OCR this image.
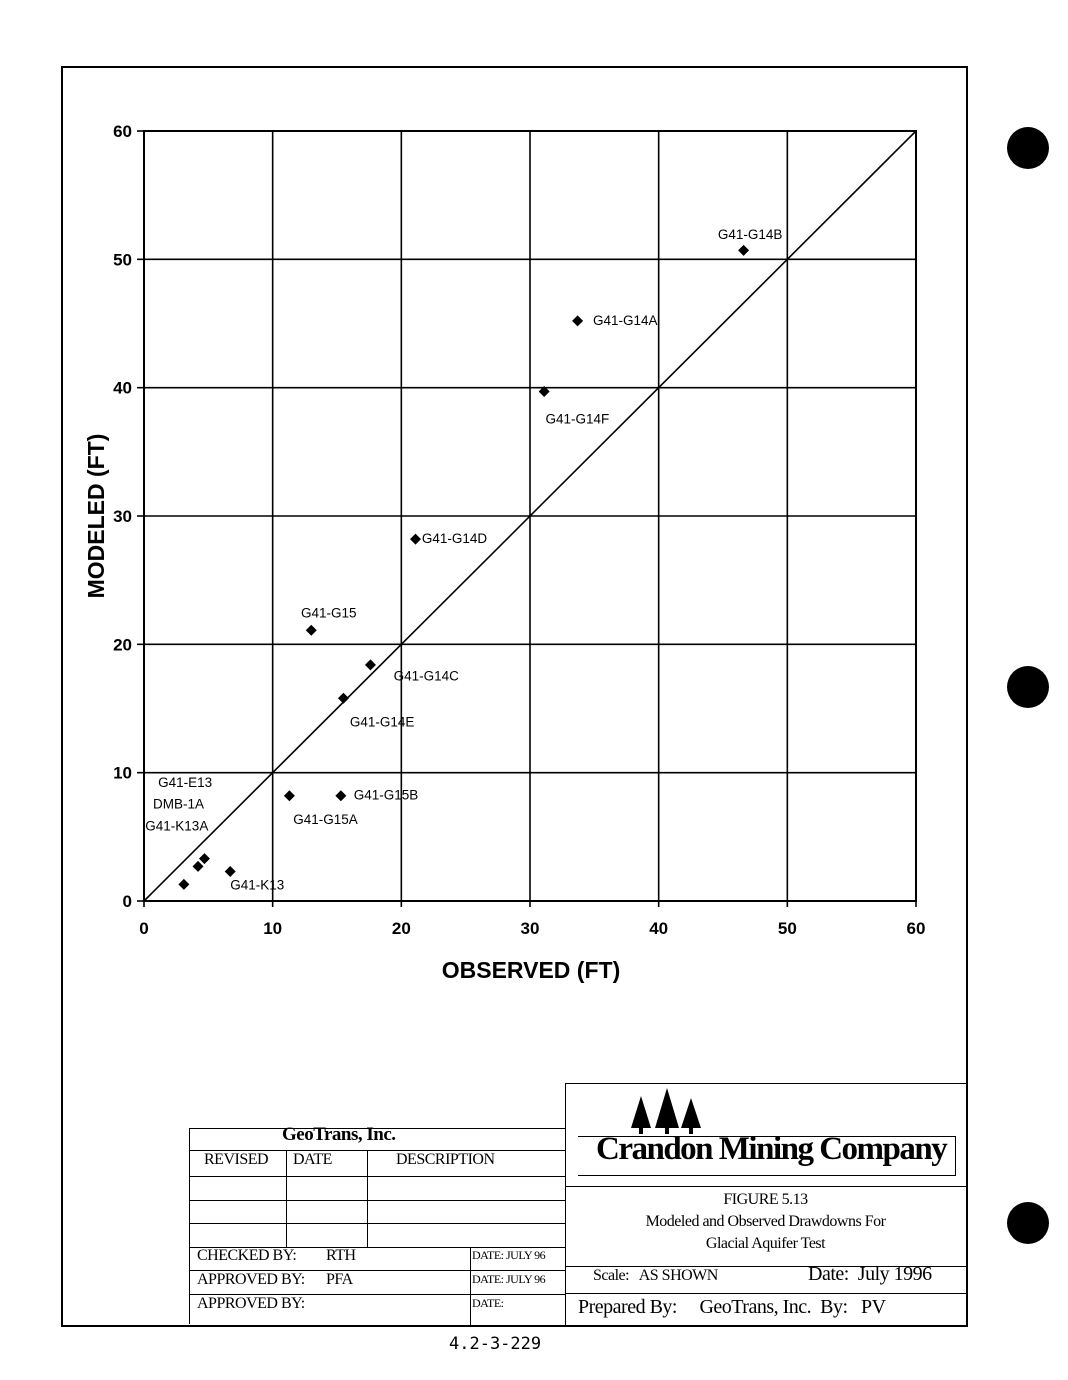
OBSERVED (FT)
MODELED (FT)
0	10	20	30	40	50	60
0
10
20
30
40
50
60
G41-G14B
G41-G14A
G41-G14F
G41-G14D
G41-G15
G41-G14C
G41-G14E
G41-G15B
G41-G15A
G41-E13
DMB-1A
G41-K13A
G41-K13
GeoTrans, Inc.
REVISED DATE	DESCRIPTION
CHECKED BY: RTH	DATE: JULY 96
APPROVED BY: PFA	DATE: JULY 96
APPROVED BY:	DATE:
Crandon Mining Company
FIGURE 5.13
Modeled and Observed Drawdowns For
Glacial Aquifer Test
Scale:   AS SHOWN	Date:  July 1996
Prepared By:     GeoTrans, Inc.  By:   PV
4.2-3-229
